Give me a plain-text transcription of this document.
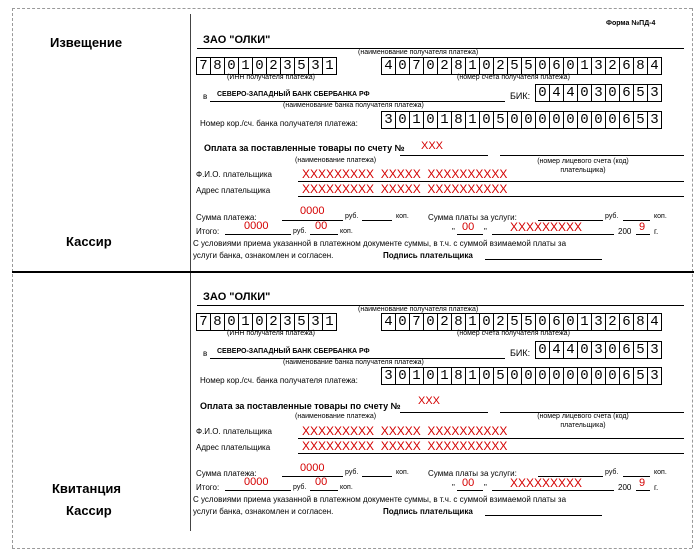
Извещение
Кассир
Квитанция
Кассир
Форма №ПД-4
ЗАО "ОЛКИ"
(наименование получателя платежа)
7 8 0 1 0 2 3 5 3 1	4 0 7 0 2 8 1 0 2 5 5 0 6 0 1 3 2 6 8 4
(ИНН получателя платежа)	(номер счета получателя платежа)
в СЕВЕРО-ЗАПАДНЫЙ БАНК СБЕРБАНКА РФ
(наименование банка получателя платежа)
БИК: 0 4 4 0 3 0 6 5 3
Номер кор./сч. банка получателя платежа: 3 0 1 0 1 8 1 0 5 0 0 0 0 0 0 0 0 6 5 3
Оплата за поставленные товары по счету № ХХХ
(наименование платежа)	(номер лицевого счета (код) плательщика)
Ф.И.О. плательщика	ХХХХХХХХХ  ХХХХХ  ХХХХХХХХХХ
Адрес плательщика	ХХХХХХХХХ  ХХХХХ  ХХХХХХХХХХ
Сумма платежа:
0000	руб.	коп. Сумма платы за услуги:	руб.	коп.
Итого: 0000	руб. 00 коп.	" 00 " ХХХХХХХХХ	200 9 г.
С условиями приема указанной в платежном документе суммы, в т.ч. с суммой взимаемой платы за
услуги банка, ознакомлен и согласен.	Подпись плательщика
ЗАО "ОЛКИ"
(наименование получателя платежа)
7 8 0 1 0 2 3 5 3 1	4 0 7 0 2 8 1 0 2 5 5 0 6 0 1 3 2 6 8 4
(ИНН получателя платежа)	(номер счета получателя платежа)
в СЕВЕРО-ЗАПАДНЫЙ БАНК СБЕРБАНКА РФ
(наименование банка получателя платежа)
БИК: 0 4 4 0 3 0 6 5 3
Номер кор./сч. банка получателя платежа: 3 0 1 0 1 8 1 0 5 0 0 0 0 0 0 0 0 6 5 3
Оплата за поставленные товары по счету № ХХХ
(наименование платежа)	(номер лицевого счета (код) плательщика)
Ф.И.О. плательщика	ХХХХХХХХХ  ХХХХХ  ХХХХХХХХХХ
Адрес плательщика	ХХХХХХХХХ  ХХХХХ  ХХХХХХХХХХ
Сумма платежа:	0000	руб.	коп. Сумма платы за услуги:	руб.	коп.
Итого: 0000	руб. 00 коп.	" 00 " ХХХХХХХХХ	200 9 г.
С условиями приема указанной в платежном документе суммы, в т.ч. с суммой взимаемой платы за
услуги банка, ознакомлен и согласен.	Подпись плательщика
